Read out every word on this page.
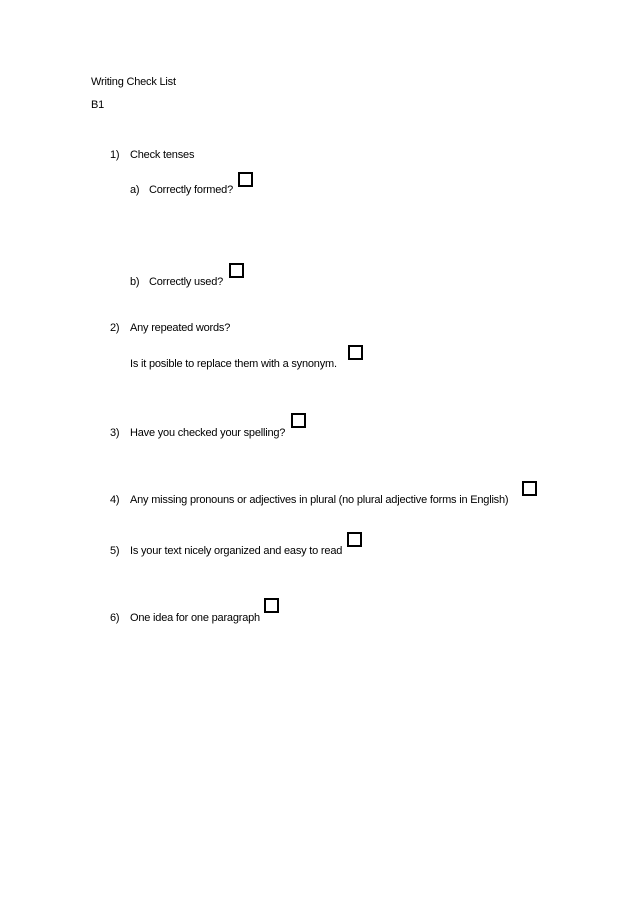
Writing Check List
B1
1) Check tenses
a) Correctly formed?
b) Correctly used?
2) Any repeated words?
Is it posible to replace them with a synonym.
3) Have you checked your spelling?
4) Any missing pronouns or adjectives in plural (no plural adjective forms in English)
5) Is your text nicely organized and easy to read
6) One idea for one paragraph
